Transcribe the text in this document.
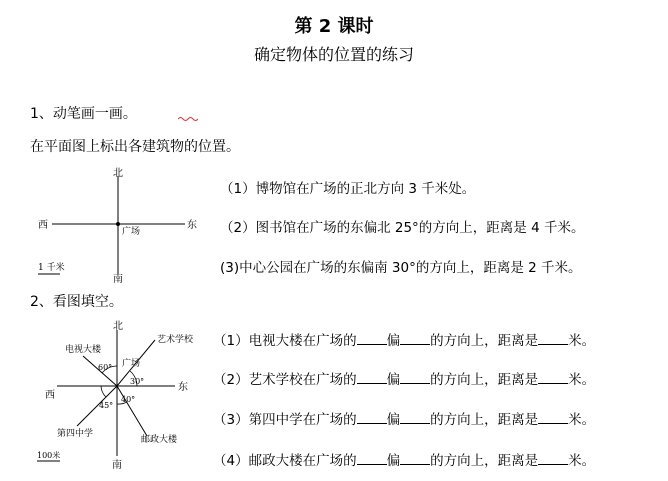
第 2 课时
确定物体的位置的练习
1、动笔画一画。
在平面图上标出各建筑物的位置。
北
南
东
西
广场
1 千米
（1）博物馆在广场的正北方向 3 千米处。
（2）图书馆在广场的东偏北 25°的方向上，距离是 4 千米。
(3)中心公园在广场的东偏南 30°的方向上，距离是 2 千米。
2、看图填空。
北
南
东
西
广场
电视大楼
艺术学校
第四中学
邮政大楼
60°
30°
45°
40°
100米
（1）电视大楼在广场的 偏 的方向上，距离是 米。
（2）艺术学校在广场的 偏 的方向上，距离是 米。
（3）第四中学在广场的 偏 的方向上，距离是 米。
（4）邮政大楼在广场的 偏 的方向上，距离是 米。
